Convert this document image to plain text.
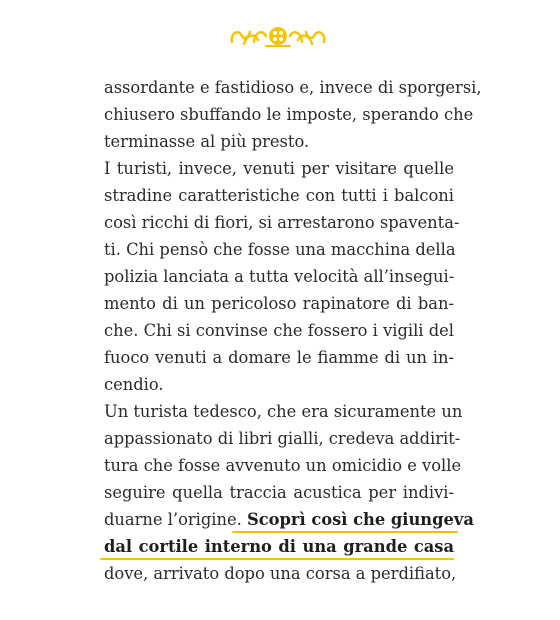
assordante e fastidioso e, invece di sporgersi,
chiusero sbuffando le imposte, sperando che
terminasse al più presto.
I turisti, invece, venuti per visitare quelle
stradine caratteristiche con tutti i balconi
così ricchi di fiori, si arrestarono spaventa-
ti. Chi pensò che fosse una macchina della
polizia lanciata a tutta velocità all’insegui-
mento di un pericoloso rapinatore di ban-
che. Chi si convinse che fossero i vigili del
fuoco venuti a domare le fiamme di un in-
cendio.
Un turista tedesco, che era sicuramente un
appassionato di libri gialli, credeva addirit-
tura che fosse avvenuto un omicidio e volle
seguire quella traccia acustica per indivi-
duarne l’origine. Scoprì così che giungeva
dal cortile interno di una grande casa
dove, arrivato dopo una corsa a perdifiato,
